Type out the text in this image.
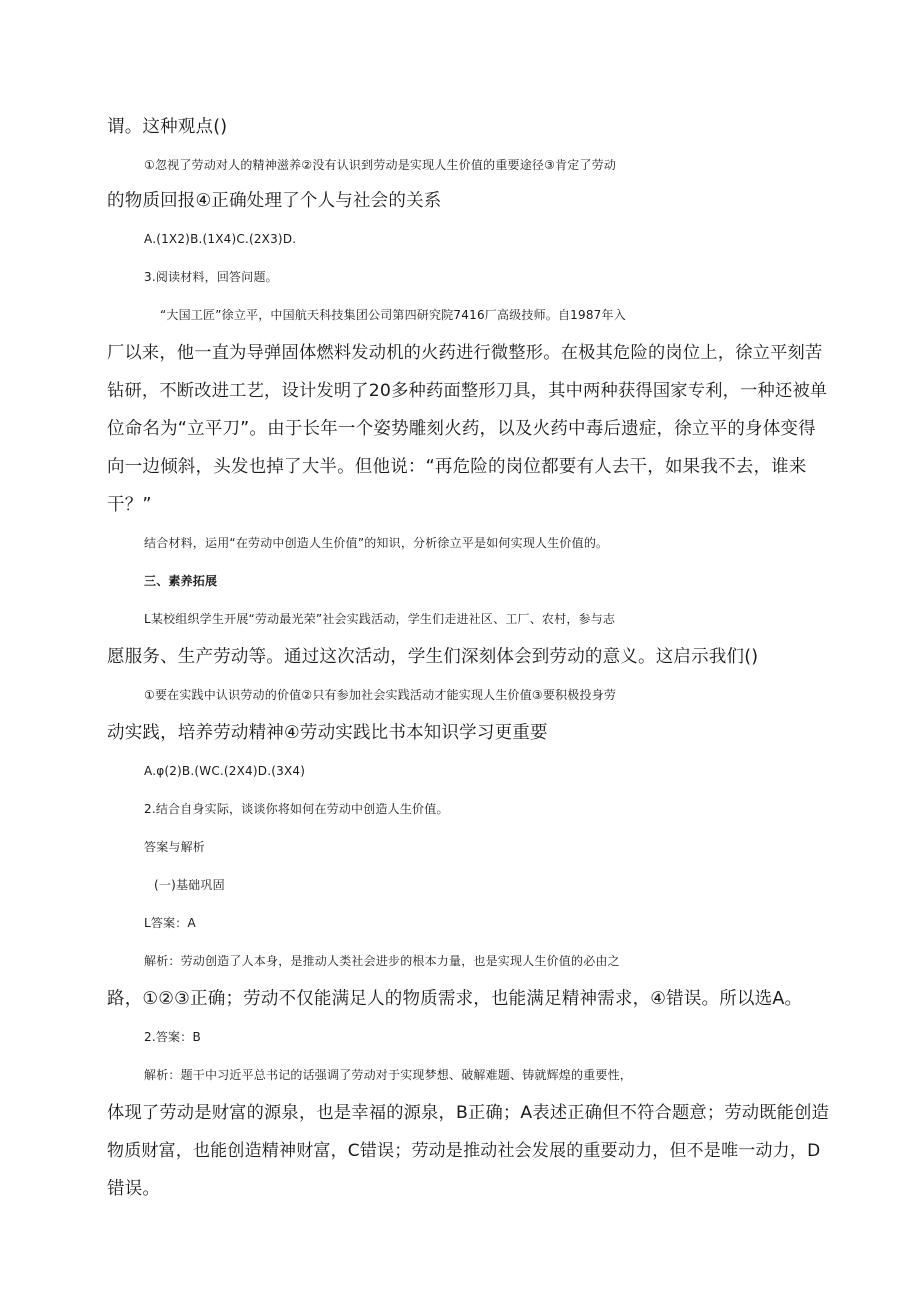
谓。这种观点()
①忽视了劳动对人的精神滋养②没有认识到劳动是实现人生价值的重要途径③肯定了劳动
的物质回报④正确处理了个人与社会的关系
A.(1X2)B.(1X4)C.(2X3)D.
3.阅读材料，回答问题。
“大国工匠”徐立平，中国航天科技集团公司第四研究院7416厂高级技师。自1987年入
厂以来，他一直为导弹固体燃料发动机的火药进行微整形。在极其危险的岗位上，徐立平刻苦
钻研，不断改进工艺，设计发明了20多种药面整形刀具，其中两种获得国家专利，一种还被单
位命名为“立平刀”。由于长年一个姿势雕刻火药，以及火药中毒后遗症，徐立平的身体变得
向一边倾斜，头发也掉了大半。但他说：“再危险的岗位都要有人去干，如果我不去，谁来
干？”
结合材料，运用“在劳动中创造人生价值”的知识，分析徐立平是如何实现人生价值的。
三、素养拓展
L某校组织学生开展“劳动最光荣”社会实践活动，学生们走进社区、工厂、农村，参与志
愿服务、生产劳动等。通过这次活动，学生们深刻体会到劳动的意义。这启示我们()
①要在实践中认识劳动的价值②只有参加社会实践活动才能实现人生价值③要积极投身劳
动实践，培养劳动精神④劳动实践比书本知识学习更重要
A.φ(2)B.(WC.(2X4)D.(3X4)
2.结合自身实际，谈谈你将如何在劳动中创造人生价值。
答案与解析
(一)基础巩固
L答案：A
解析：劳动创造了人本身，是推动人类社会进步的根本力量，也是实现人生价值的必由之
路，①②③正确；劳动不仅能满足人的物质需求，也能满足精神需求，④错误。所以选A。
2.答案：B
解析：题干中习近平总书记的话强调了劳动对于实现梦想、破解难题、铸就辉煌的重要性，
体现了劳动是财富的源泉，也是幸福的源泉，B正确；A表述正确但不符合题意；劳动既能创造
物质财富，也能创造精神财富，C错误；劳动是推动社会发展的重要动力，但不是唯一动力，D
错误。
